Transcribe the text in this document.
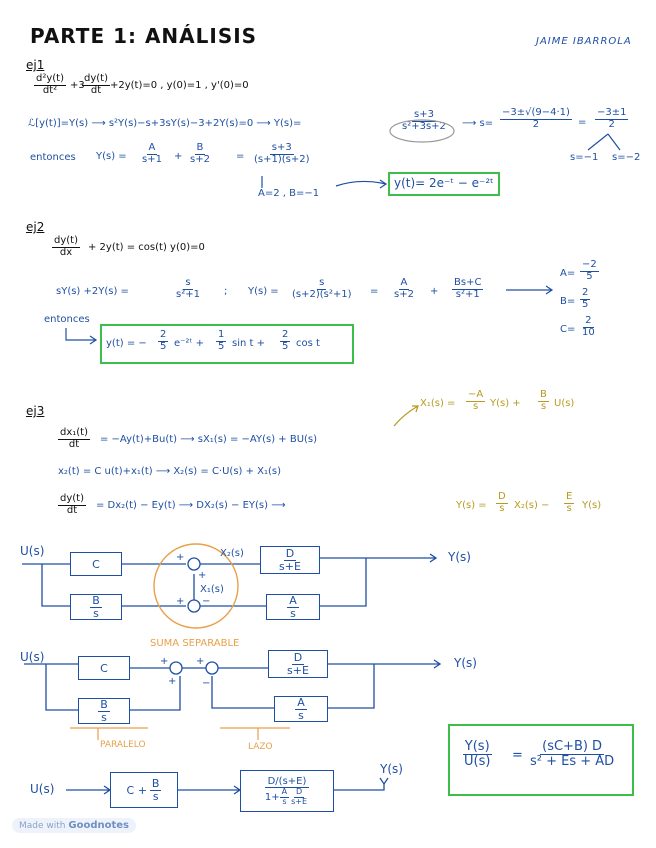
PARTE 1: ANÁLISIS	JAIME IBARROLA
ej1
$\frac{\text{d²y(t)}}{\text{dt²}} +3$
$\frac{dy(t)}{dt} +2y(t)=0$ , y(0)=1 , y'(0)=0
ℒ[y(t)]=Y(s) ⟶ s²Y(s)−s+3sY(s)−3+2Y(s)=0 ⟶ Y(s)=	$\frac{s+3}{\text{s²+3s+2}}$ ⟶ $s= \frac{-3\pm√(9-4\cdot 1)}{2} = \frac{-3\pm 1}{2}$
s=−1 s=−2
entonces $Y(s) = \frac{A}{s+1} + \frac{B}{s+2} = \frac{s+3}{(s+1)(s+2)}$
A=2 , B=−1
y(t)= 2e⁻ᵗ − e⁻²ᵗ
ej2
$\frac{dy(t)}{dx} + 2y(t) = \cos(t)$ y(0)=0
sY(s) +2Y(s) =	$\frac{s}{\text{s²+1}}$ ; $Y(s) = \frac{s}{\text{(s+2)(s²+1)}} = \frac{A}{s+2} + \frac{Bs+C}{\text{s²+1}}$
$A= \frac{-2}{5}$
$B= \frac{2}{5}$
$C= \frac{2}{10}$
entonces
y(t) = − $\frac{2}{5}$ e⁻²ᵗ + $\frac{1}{5}$ $\sin t + \frac{2}{5}$ cos t
ej3
$X_1(s) = \frac{-A}{s} Y(s) + \frac{B}{s} U(s)$
$\frac{\text{dx₁(t)}}{dt} = -Ay(t)+Bu(t)$ ⟶ sX₁(s) = −AY(s) + BU(s)
x₂(t) = C u(t)+x₁(t) ⟶ X₂(s) = C·U(s) + X₁(s)
$\frac{dy(t)}{dt} = Dx_2(t) - Ey(t)$ ⟶ DX₂(s) − EY(s) ⟶	$Y(s) = \frac{D}{s} X_2(s) - \frac{E}{s} Y(s)$
U(s)
C
$\frac{B}{s}$
$\frac{D}{s+E}$
$\frac{A}{s}$
X₂(s)
X₁(s)
+
+
+ −
Y(s)
SUMA SEPARABLE
U(s)
C
$\frac{B}{s}$
$\frac{D}{s+E}$
$\frac{A}{s}$
+
+
+
−
Y(s)
PARALELO	LAZO	$\frac{Y(s)}{U(s)} = \frac{(sC+B) D}{\text{s² + Es + AD}}$
U(s)	$C + \frac{B}{s}$	D/(s+E)
$1+ \frac{A}{s} \frac{D}{s+E}$
Y(s)
Made with Goodnotes
